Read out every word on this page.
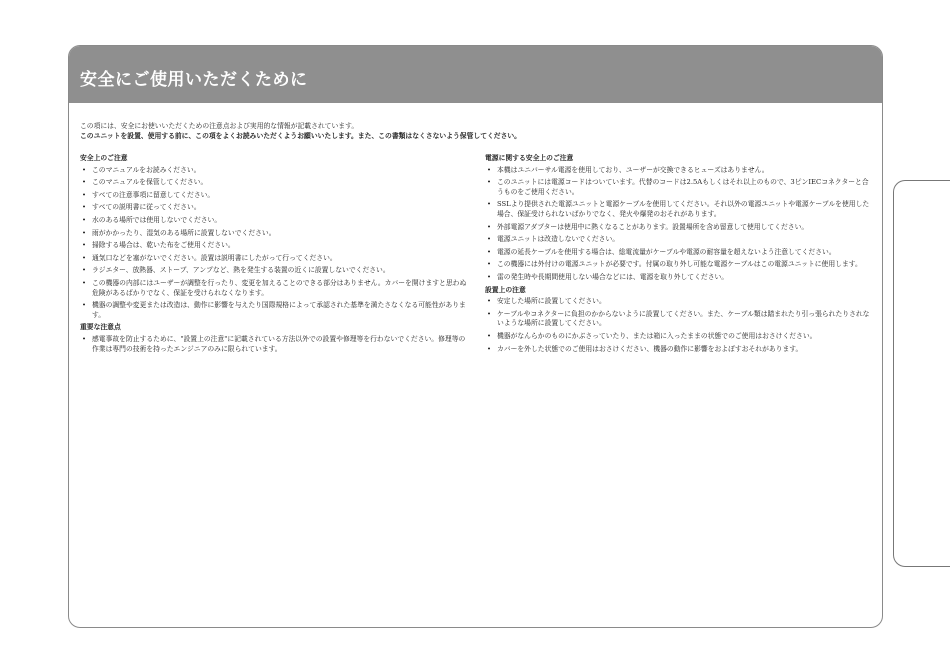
安全にご使用いただくために
この項には、安全にお使いいただくための注意点および実用的な情報が記載されています。
このユニットを設置、使用する前に、この項をよくお読みいただくようお願いいたします。また、この書類はなくさないよう保管してください。
安全上のご注意
• このマニュアルをお読みください。
• このマニュアルを保管してください。
• すべての注意事項に留意してください。
• すべての説明書に従ってください。
• 水のある場所では使用しないでください。
• 雨がかかったり、湿気のある場所に設置しないでください。
• 掃除する場合は、乾いた布をご使用ください。
• 通気口などを塞がないでください。設置は説明書にしたがって行ってください。
• ラジエター、放熱器、ストーブ、アンプなど、熱を発生する装置の近くに設置しないでください。
• この機器の内部にはユーザーが調整を行ったり、変更を加えることのできる部分はありません。カバーを開けますと思わぬ危険があるばかりでなく、保証を受けられなくなります。
• 機器の調整や変更または改造は、動作に影響を与えたり国際規格によって承認された基準を満たさなくなる可能性があります。
重要な注意点
• 感電事故を防止するために、"設置上の注意"に記載されている方法以外での設置や修理等を行わないでください。修理等の作業は専門の技術を持ったエンジニアのみに限られています。
電源に関する安全上のご注意
• 本機はユニバーサル電源を使用しており、ユーザーが交換できるヒューズはありません。
• このユニットには電源コードはついています。代替のコードは2.5Aもしくはそれ以上のもので、3ピンIECコネクターと合うものをご使用ください。
• SSLより提供された電源ユニットと電源ケーブルを使用してください。それ以外の電源ユニットや電源ケーブルを使用した場合、保証受けられないばかりでなく、発火や爆発のおそれがあります。
• 外部電源アダプターは使用中に熱くなることがあります。設置場所を含め留意して使用してください。
• 電源ユニットは改造しないでください。
• 電源の延長ケーブルを使用する場合は、総電流量がケーブルや電源の耐容量を超えないよう注意してください。
• この機器には外付けの電源ユニットが必要です。付属の取り外し可能な電源ケーブルはこの電源ユニットに使用します。
• 雷の発生時や長期間使用しない場合などには、電源を取り外してください。
設置上の注意
• 安定した場所に設置してください。
• ケーブルやコネクターに負担のかからないように設置してください。また、ケーブル類は踏まれたり引っ張られたりされないような場所に設置してください。
• 機器がなんらかのものにかぶさっていたり、または箱に入ったままの状態でのご使用はおさけください。
• カバーを外した状態でのご使用はおさけください、機器の動作に影響をおよぼすおそれがあります。
